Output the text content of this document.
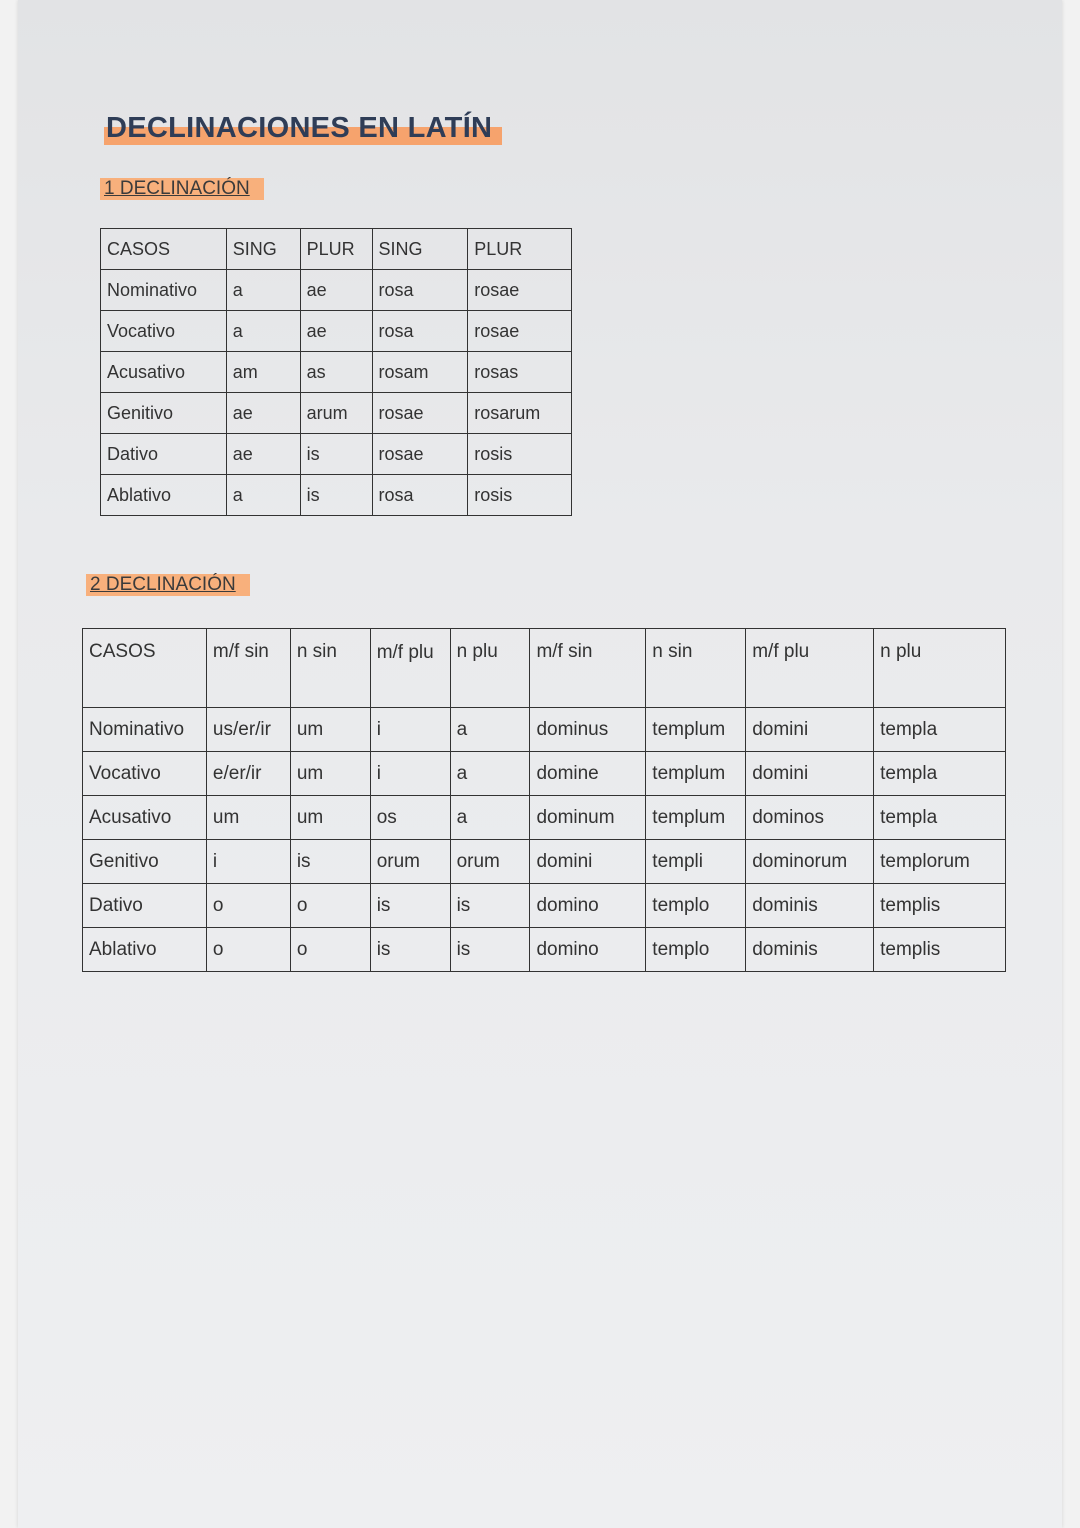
DECLINACIONES EN LATÍN
1 DECLINACIÓN
CASOS	SING	PLUR	SING	PLUR
Nominativo	a	ae	rosa	rosae
Vocativo	a	ae	rosa	rosae
Acusativo	am	as	rosam	rosas
Genitivo	ae	arum	rosae	rosarum
Dativo	ae	is	rosae	rosis
Ablativo	a	is	rosa	rosis
2 DECLINACIÓN
CASOS	m/f sin	n sin	m/f plu	n plu	m/f sin	n sin	m/f plu	n plu
Nominativo	us/er/ir	um	i	a	dominus	templum	domini	templa
Vocativo	e/er/ir	um	i	a	domine	templum	domini	templa
Acusativo	um	um	os	a	dominum	templum	dominos	templa
Genitivo	i	is	orum	orum	domini	templi	dominorum	templorum
Dativo	o	o	is	is	domino	templo	dominis	templis
Ablativo	o	o	is	is	domino	templo	dominis	templis
